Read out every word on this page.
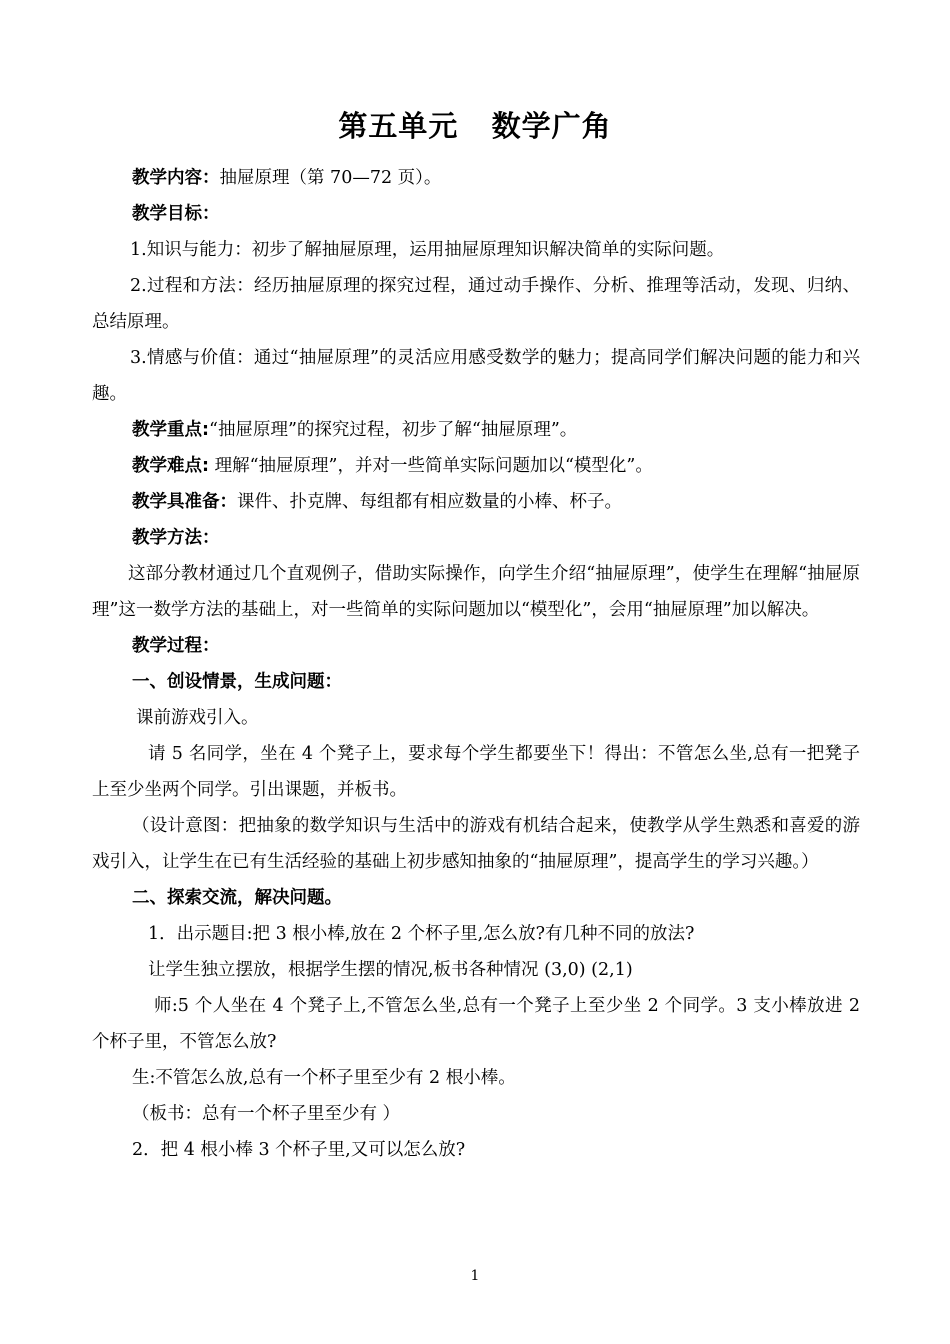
第五单元   数学广角

教学内容：抽屉原理（第 70—72 页）。

教学目标：

1.知识与能力：初步了解抽屉原理，运用抽屉原理知识解决简单的实际问题。

2.过程和方法：经历抽屉原理的探究过程，通过动手操作、分析、推理等活动，发现、归纳、总结原理。

3.情感与价值：通过“抽屉原理”的灵活应用感受数学的魅力；提高同学们解决问题的能力和兴趣。

教学重点:“抽屉原理”的探究过程，初步了解“抽屉原理”。

教学难点: 理解“抽屉原理”，并对一些简单实际问题加以“模型化”。

教学具准备：课件、扑克牌、每组都有相应数量的小棒、杯子。

教学方法：

这部分教材通过几个直观例子，借助实际操作，向学生介绍“抽屉原理”，使学生在理解“抽屉原理”这一数学方法的基础上，对一些简单的实际问题加以“模型化”，会用“抽屉原理”加以解决。

教学过程：

一、创设情景，生成问题：

课前游戏引入。

请 5 名同学，坐在 4 个凳子上，要求每个学生都要坐下！得出：不管怎么坐,总有一把凳子上至少坐两个同学。引出课题，并板书。

（设计意图：把抽象的数学知识与生活中的游戏有机结合起来，使教学从学生熟悉和喜爱的游戏引入，让学生在已有生活经验的基础上初步感知抽象的“抽屉原理”，提高学生的学习兴趣。）

二、探索交流，解决问题。

1．出示题目:把 3 根小棒,放在 2 个杯子里,怎么放?有几种不同的放法?

让学生独立摆放，根据学生摆的情况,板书各种情况 (3,0) (2,1)

师:5 个人坐在 4 个凳子上,不管怎么坐,总有一个凳子上至少坐 2 个同学。3 支小棒放进 2 个杯子里，不管怎么放?

生:不管怎么放,总有一个杯子里至少有 2 根小棒。

（板书：总有一个杯子里至少有 ）

2．把 4 根小棒 3 个杯子里,又可以怎么放?

1
